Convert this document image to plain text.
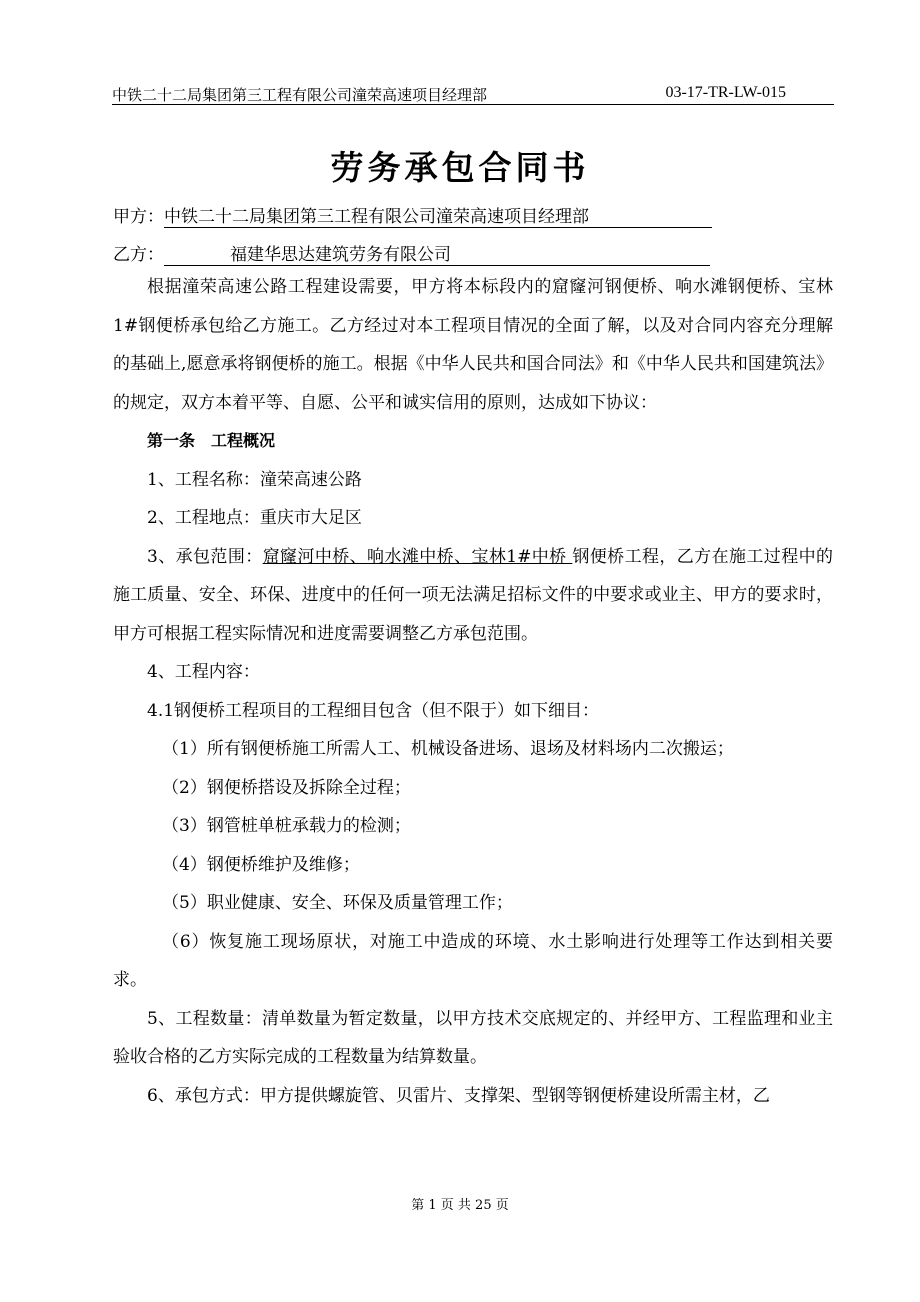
中铁二十二局集团第三工程有限公司潼荣高速项目经理部	03-17-TR-LW-015
劳务承包合同书
甲方：中铁二十二局集团第三工程有限公司潼荣高速项目经理部
乙方：	福建华思达建筑劳务有限公司

根据潼荣高速公路工程建设需要，甲方将本标段内的窟窿河钢便桥、响水滩钢便桥、宝林1#钢便桥承包给乙方施工。乙方经过对本工程项目情况的全面了解，以及对合同内容充分理解的基础上,愿意承将钢便桥的施工。根据《中华人民共和国合同法》和《中华人民共和国建筑法》的规定，双方本着平等、自愿、公平和诚实信用的原则，达成如下协议：

第一条　工程概况

1、工程名称：潼荣高速公路

2、工程地点：重庆市大足区

3、承包范围：窟窿河中桥、响水滩中桥、宝林1#中桥 钢便桥工程，乙方在施工过程中的施工质量、安全、环保、进度中的任何一项无法满足招标文件的中要求或业主、甲方的要求时，甲方可根据工程实际情况和进度需要调整乙方承包范围。

4、工程内容：

4.1钢便桥工程项目的工程细目包含（但不限于）如下细目：

（1）所有钢便桥施工所需人工、机械设备进场、退场及材料场内二次搬运；

（2）钢便桥搭设及拆除全过程；

（3）钢管桩单桩承载力的检测；

（4）钢便桥维护及维修；

（5）职业健康、安全、环保及质量管理工作；

（6）恢复施工现场原状，对施工中造成的环境、水土影响进行处理等工作达到相关要求。

5、工程数量：清单数量为暂定数量，以甲方技术交底规定的、并经甲方、工程监理和业主验收合格的乙方实际完成的工程数量为结算数量。

6、承包方式：甲方提供螺旋管、贝雷片、支撑架、型钢等钢便桥建设所需主材，乙

第 1 页 共 25 页
